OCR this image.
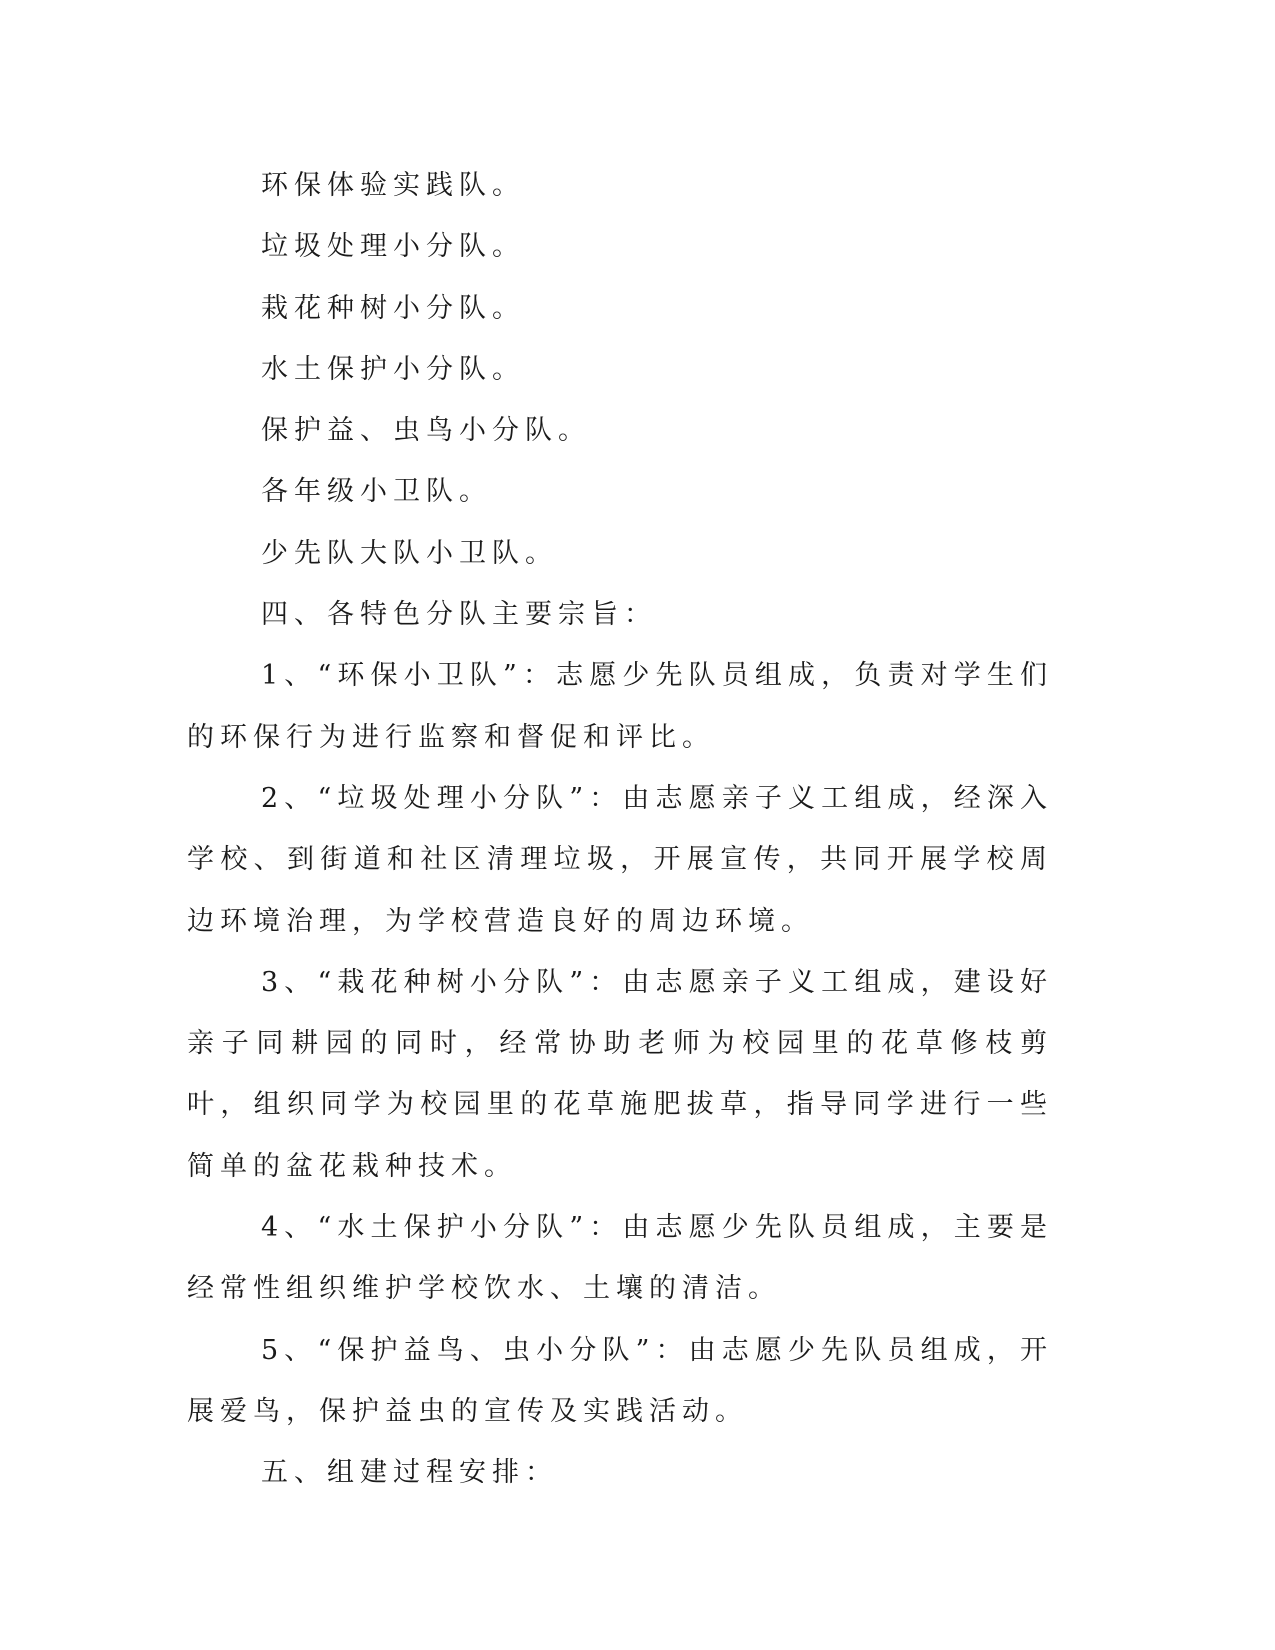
环保体验实践队。

垃圾处理小分队。

栽花种树小分队。

水土保护小分队。

保护益、虫鸟小分队。

各年级小卫队。

少先队大队小卫队。

四、各特色分队主要宗旨：

1、“环保小卫队”：志愿少先队员组成，负责对学生们的环保行为进行监察和督促和评比。

2、“垃圾处理小分队”：由志愿亲子义工组成，经深入学校、到街道和社区清理垃圾，开展宣传，共同开展学校周边环境治理，为学校营造良好的周边环境。

3、“栽花种树小分队”：由志愿亲子义工组成，建设好亲子同耕园的同时，经常协助老师为校园里的花草修枝剪叶，组织同学为校园里的花草施肥拔草，指导同学进行一些简单的盆花栽种技术。

4、“水土保护小分队”：由志愿少先队员组成，主要是经常性组织维护学校饮水、土壤的清洁。

5、“保护益鸟、虫小分队”：由志愿少先队员组成，开展爱鸟，保护益虫的宣传及实践活动。

五、组建过程安排：
